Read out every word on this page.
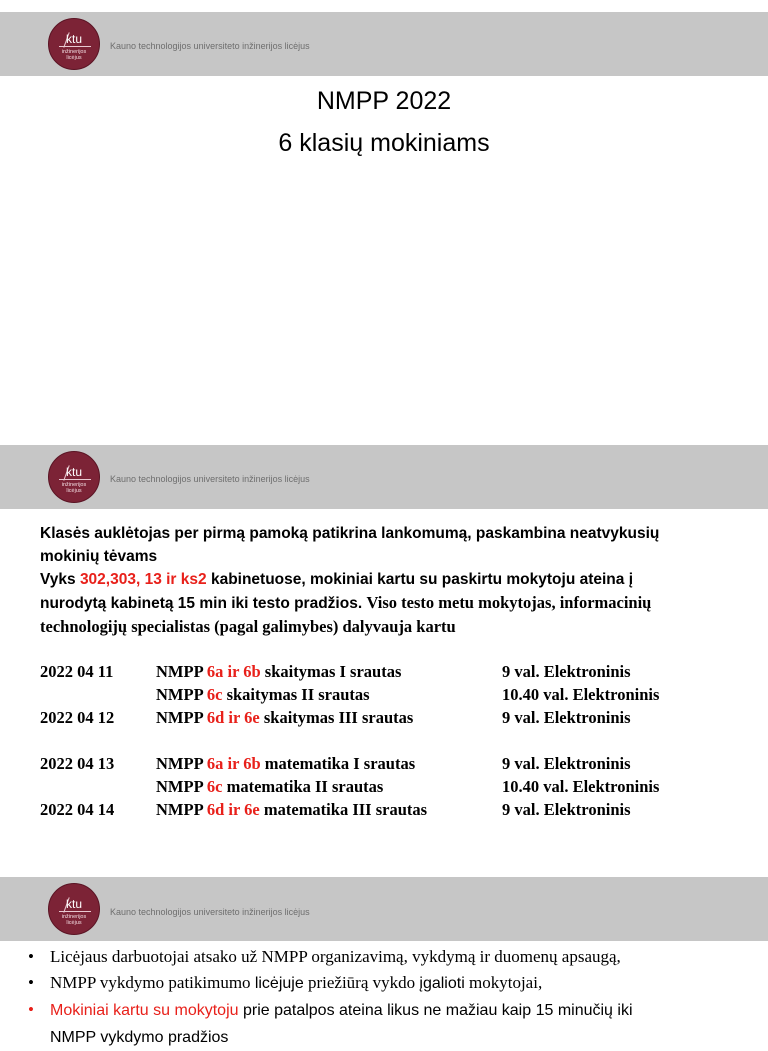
ktu
inžinerijos
licėjus
Kauno technologijos universiteto inžinerijos licėjus
NMPP 2022
6 klasių mokiniams
ktu
inžinerijos
licėjus
Kauno technologijos universiteto inžinerijos licėjus
Klasės auklėtojas per pirmą pamoką patikrina lankomumą, paskambina neatvykusių
mokinių tėvams
Vyks 302,303, 13 ir ks2 kabinetuose, mokiniai kartu su paskirtu mokytoju ateina į
nurodytą kabinetą 15 min iki testo pradžios. Viso testo metu mokytojas, informacinių
technologijų specialistas (pagal galimybes) dalyvauja kartu
2022 04 11	NMPP 6a ir 6b skaitymas I srautas	9 val. Elektroninis
NMPP 6c skaitymas II srautas	10.40 val. Elektroninis
2022 04 12	NMPP 6d ir 6e skaitymas III srautas	9 val. Elektroninis
2022 04 13	NMPP 6a ir 6b matematika I srautas	9 val. Elektroninis
NMPP 6c matematika II srautas	10.40 val. Elektroninis
2022 04 14	NMPP 6d ir 6e matematika III srautas	9 val. Elektroninis
ktu
inžinerijos
licėjus
Kauno technologijos universiteto inžinerijos licėjus
• Licėjaus darbuotojai atsako už NMPP organizavimą, vykdymą ir duomenų apsaugą,
• NMPP vykdymo patikimumo licėjuje priežiūrą vykdo įgalioti mokytojai,
• Mokiniai kartu su mokytoju prie patalpos ateina likus ne mažiau kaip 15 minučių iki
NMPP vykdymo pradžios
